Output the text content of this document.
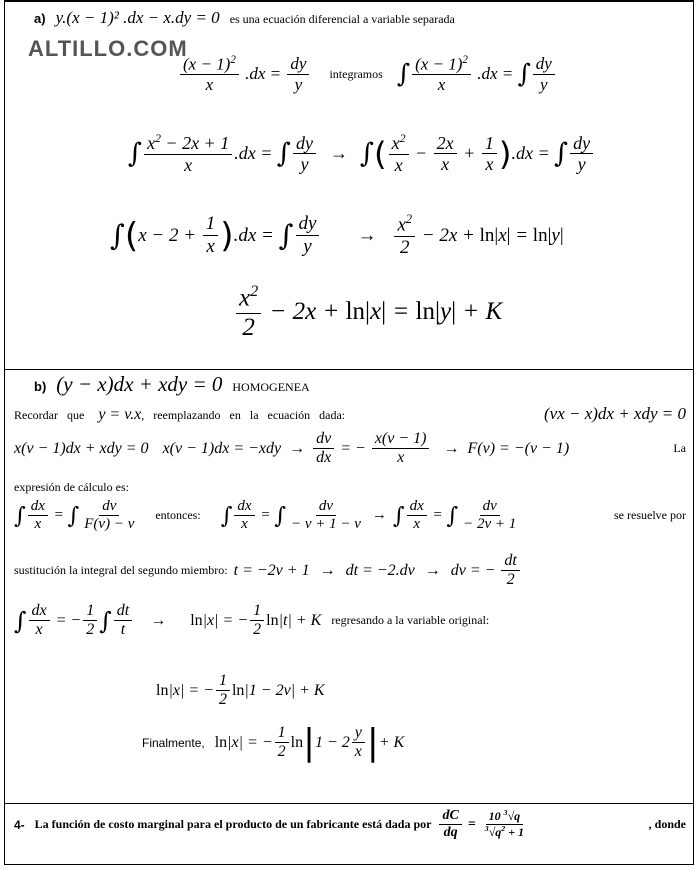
a) y.(x − 1)² .dx − x.dy = 0 es una ecuación diferencial a variable separada
ALTILLO.COM
$\frac{(x - 1)^2}{x} .dx = \frac{dy}{y}$ integramos ∫ $\frac{(x - 1)^2}{x} .dx$ = ∫ $\frac{dy}{y}$
∫ $\frac{x^2 - 2x + 1}{x} .dx$ = ∫ $\frac{dy}{y}$ → ∫ ( $\frac{x^2}{x} - \frac{2x}{x} + \frac{1}{x}$ ) .dx = ∫ $\frac{dy}{y}$
∫ ( $x - 2 + \frac{1}{x}$ ) .dx = ∫ $\frac{dy}{y} \to \frac{x^2}{2} - 2x + \ln|x| = \ln|y|$
$\frac{x^2}{2} - 2x + \ln|x| = \ln|y| + K$
b) (y − x)dx + xdy = 0 HOMOGENEA
Recordar   que y = v.x ,   reemplazando   en   la   ecuación   dada:	(vx − x)dx + xdy = 0
x(v − 1)dx + xdy = 0 $x(v - 1)dx = -xdy \to \frac{dv}{dx}$ = − $\frac{x(v - 1)}{x} \to F(v) = -(v - 1)$	La
expresión de cálculo es:
∫ $\frac{dx}{x}$ = ∫ $\frac{dv}{F(v) - v}$ entonces: ∫ $\frac{dx}{x}$ = ∫ $\frac{dv}{- v + 1 - v}$ → ∫ $\frac{dx}{x}$ = ∫ $\frac{dv}{- 2v + 1}$	se resuelve por
sustitución la integral del segundo miembro: t = −2v + 1 → dt = −2.dv → dv = − $\frac{dt}{2}$
∫ $\frac{dx}{x}$ = − $\frac{1}{2}$ ∫ $\frac{dt}{t} \to \ln|x|$ = − $\frac{1}{2} \ln|t| + K$ regresando a la variable original:
ln|x| = − $\frac{1}{2} \ln|1 - 2v| + K$
Finalmente, ln|x| = − $\frac{1}{2}$ ln | $1 - 2 \frac{y}{x}$ | + K
4- La función de costo marginal para el producto de un fabricante está dada por $\frac{dC}{dq} = \frac{10 ^3√q}{^3√q^2 + 1}$	, donde
